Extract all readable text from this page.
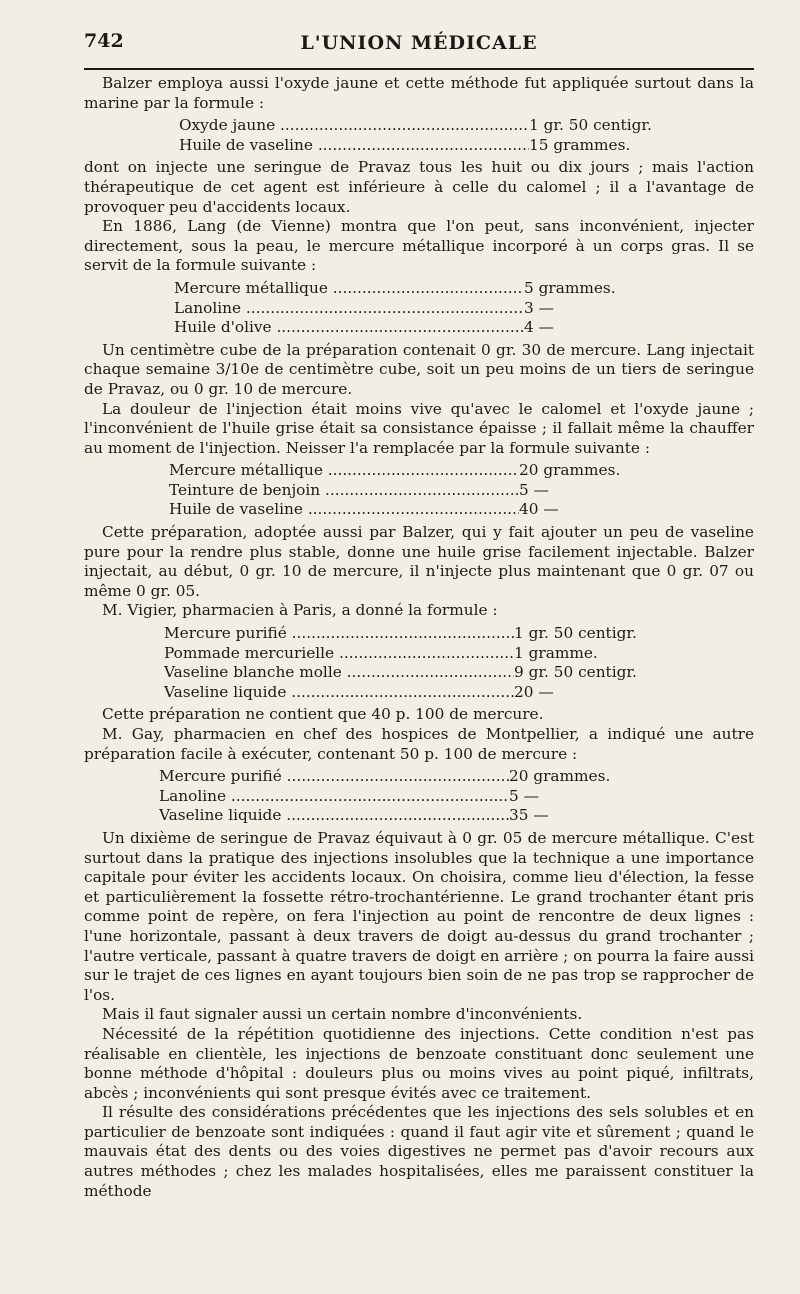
742	L'UNION MÉDICALE

Balzer employa aussi l'oxyde jaune et cette méthode fut appliquée surtout dans la marine par la formule :

Oxyde jaune .....	1 gr. 50 centigr.
Huile de vaseline .....	15 grammes.

dont on injecte une seringue de Pravaz tous les huit ou dix jours ; mais l'action thérapeutique de cet agent est inférieure à celle du calomel ; il a l'avantage de provoquer peu d'accidents locaux.

En 1886, Lang (de Vienne) montra que l'on peut, sans inconvénient, injecter directement, sous la peau, le mercure métallique incorporé à un corps gras. Il se servit de la formule suivante :

Mercure métallique .....	5 grammes.
Lanoline .....	3 —
Huile d'olive .....	4 —

Un centimètre cube de la préparation contenait 0 gr. 30 de mercure. Lang injectait chaque semaine 3/10e de centimètre cube, soit un peu moins de un tiers de seringue de Pravaz, ou 0 gr. 10 de mercure.

La douleur de l'injection était moins vive qu'avec le calomel et l'oxyde jaune ; l'inconvénient de l'huile grise était sa consistance épaisse ; il fallait même la chauffer au moment de l'injection. Neisser l'a remplacée par la formule suivante :

Mercure métallique .....	20 grammes.
Teinture de benjoin .....	5 —
Huile de vaseline .....	40 —

Cette préparation, adoptée aussi par Balzer, qui y fait ajouter un peu de vaseline pure pour la rendre plus stable, donne une huile grise facilement injectable. Balzer injectait, au début, 0 gr. 10 de mercure, il n'injecte plus maintenant que 0 gr. 07 ou même 0 gr. 05.

M. Vigier, pharmacien à Paris, a donné la formule :

Mercure purifié .....	1 gr. 50 centigr.
Pommade mercurielle .....	1 gramme.
Vaseline blanche molle .....	9 gr. 50 centigr.
Vaseline liquide .....	20 —

Cette préparation ne contient que 40 p. 100 de mercure.

M. Gay, pharmacien en chef des hospices de Montpellier, a indiqué une autre préparation facile à exécuter, contenant 50 p. 100 de mercure :

Mercure purifié .....	20 grammes.
Lanoline .....	5 —
Vaseline liquide .....	35 —

Un dixième de seringue de Pravaz équivaut à 0 gr. 05 de mercure métallique. C'est surtout dans la pratique des injections insolubles que la technique a une importance capitale pour éviter les accidents locaux. On choisira, comme lieu d'élection, la fesse et particulièrement la fossette rétro-trochantérienne. Le grand trochanter étant pris comme point de repère, on fera l'injection au point de rencontre de deux lignes : l'une horizontale, passant à deux travers de doigt au-dessus du grand trochanter ; l'autre verticale, passant à quatre travers de doigt en arrière ; on pourra la faire aussi sur le trajet de ces lignes en ayant toujours bien soin de ne pas trop se rapprocher de l'os.

Mais il faut signaler aussi un certain nombre d'inconvénients.

Nécessité de la répétition quotidienne des injections. Cette condition n'est pas réalisable en clientèle, les injections de benzoate constituant donc seulement une bonne méthode d'hôpital : douleurs plus ou moins vives au point piqué, infiltrats, abcès ; inconvénients qui sont presque évités avec ce traitement.

Il résulte des considérations précédentes que les injections des sels solubles et en particulier de benzoate sont indiquées : quand il faut agir vite et sûrement ; quand le mauvais état des dents ou des voies digestives ne permet pas d'avoir recours aux autres méthodes ; chez les malades hospitalisées, elles me paraissent constituer la méthode
